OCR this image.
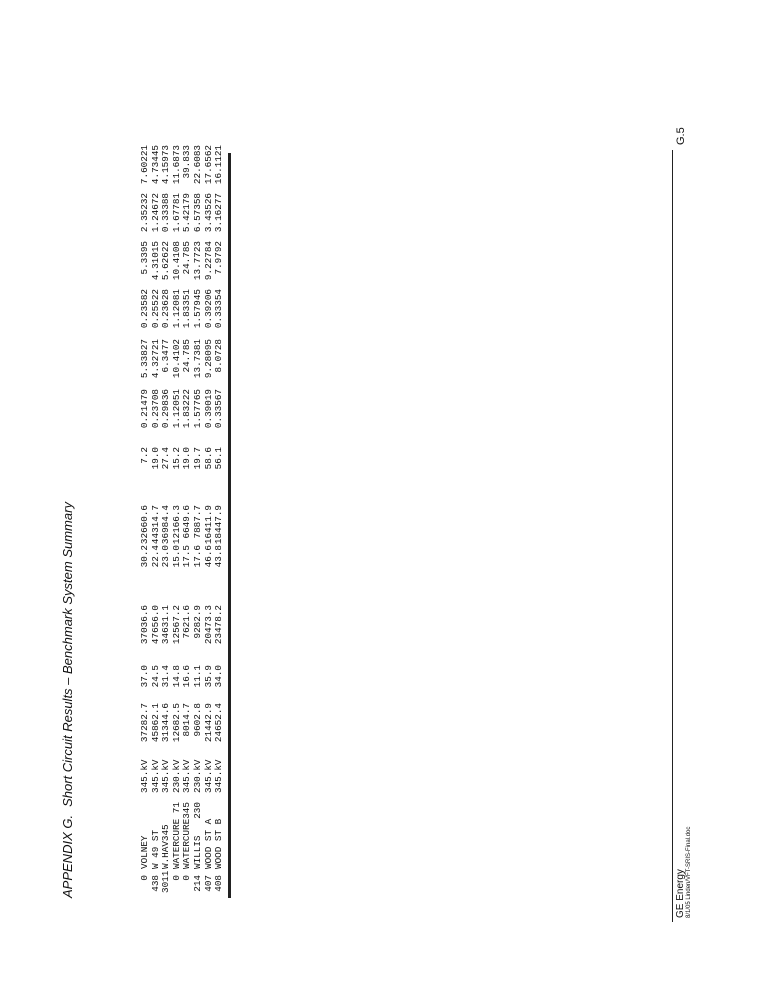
APPENDIX G.Short Circuit Results – Benchmark System Summary
0VOLNEY345.kV37282.737.037036.630.232660.67.20.214795.338270.235825.33952.352327.60221
438W 49 ST345.kV45862.124.547656.022.444314.719.00.237084.327210.255224.310151.246724.73445
3011W.HAV345345.kV31344.631.434631.123.036984.427.40.298366.34770.236285.626220.333884.15973
0WATERCURE 71230.kV12682.514.812567.215.012166.315.21.1205110.41021.1208110.41081.6778111.6873
0WATERCURE345345.kV8014.716.67621.617.56649.619.01.8322224.7851.8335124.7855.4217939.833
214WILLIS   230230.kV9602.811.19282.917.67887.719.71.5776513.73811.5794513.77236.5735822.6083
407WOOD ST A345.kV21442.935.920473.346.616411.958.60.390199.280950.392069.227843.4352617.6562
408WOOD ST B345.kV24652.434.023478.243.818447.956.10.335678.07280.333547.97923.1627716.1121
GE Energy 8/1/05 Linden/VFT-SRIS-Final.doc
G.5
